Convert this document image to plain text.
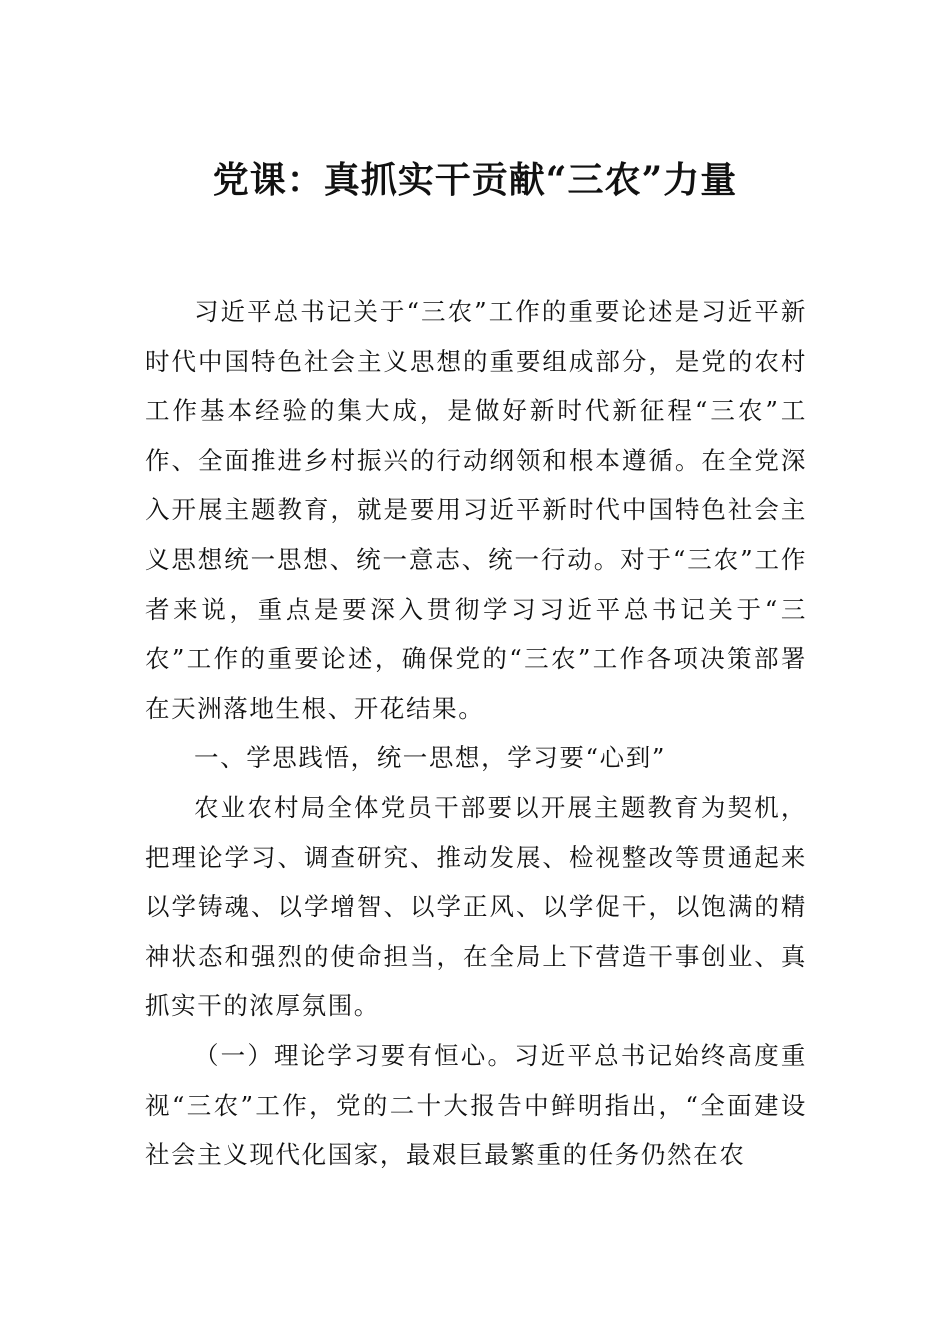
党课：真抓实干贡献“三农”力量

习近平总书记关于“三农”工作的重要论述是习近平新时代中国特色社会主义思想的重要组成部分，是党的农村工作基本经验的集大成，是做好新时代新征程“三农”工作、全面推进乡村振兴的行动纲领和根本遵循。在全党深入开展主题教育，就是要用习近平新时代中国特色社会主义思想统一思想、统一意志、统一行动。对于“三农”工作者来说，重点是要深入贯彻学习习近平总书记关于“三农”工作的重要论述，确保党的“三农”工作各项决策部署在天洲落地生根、开花结果。

一、学思践悟，统一思想，学习要“心到”

农业农村局全体党员干部要以开展主题教育为契机，把理论学习、调查研究、推动发展、检视整改等贯通起来以学铸魂、以学增智、以学正风、以学促干，以饱满的精神状态和强烈的使命担当，在全局上下营造干事创业、真抓实干的浓厚氛围。

（一）理论学习要有恒心。习近平总书记始终高度重视“三农”工作，党的二十大报告中鲜明指出，“全面建设社会主义现代化国家，最艰巨最繁重的任务仍然在农
